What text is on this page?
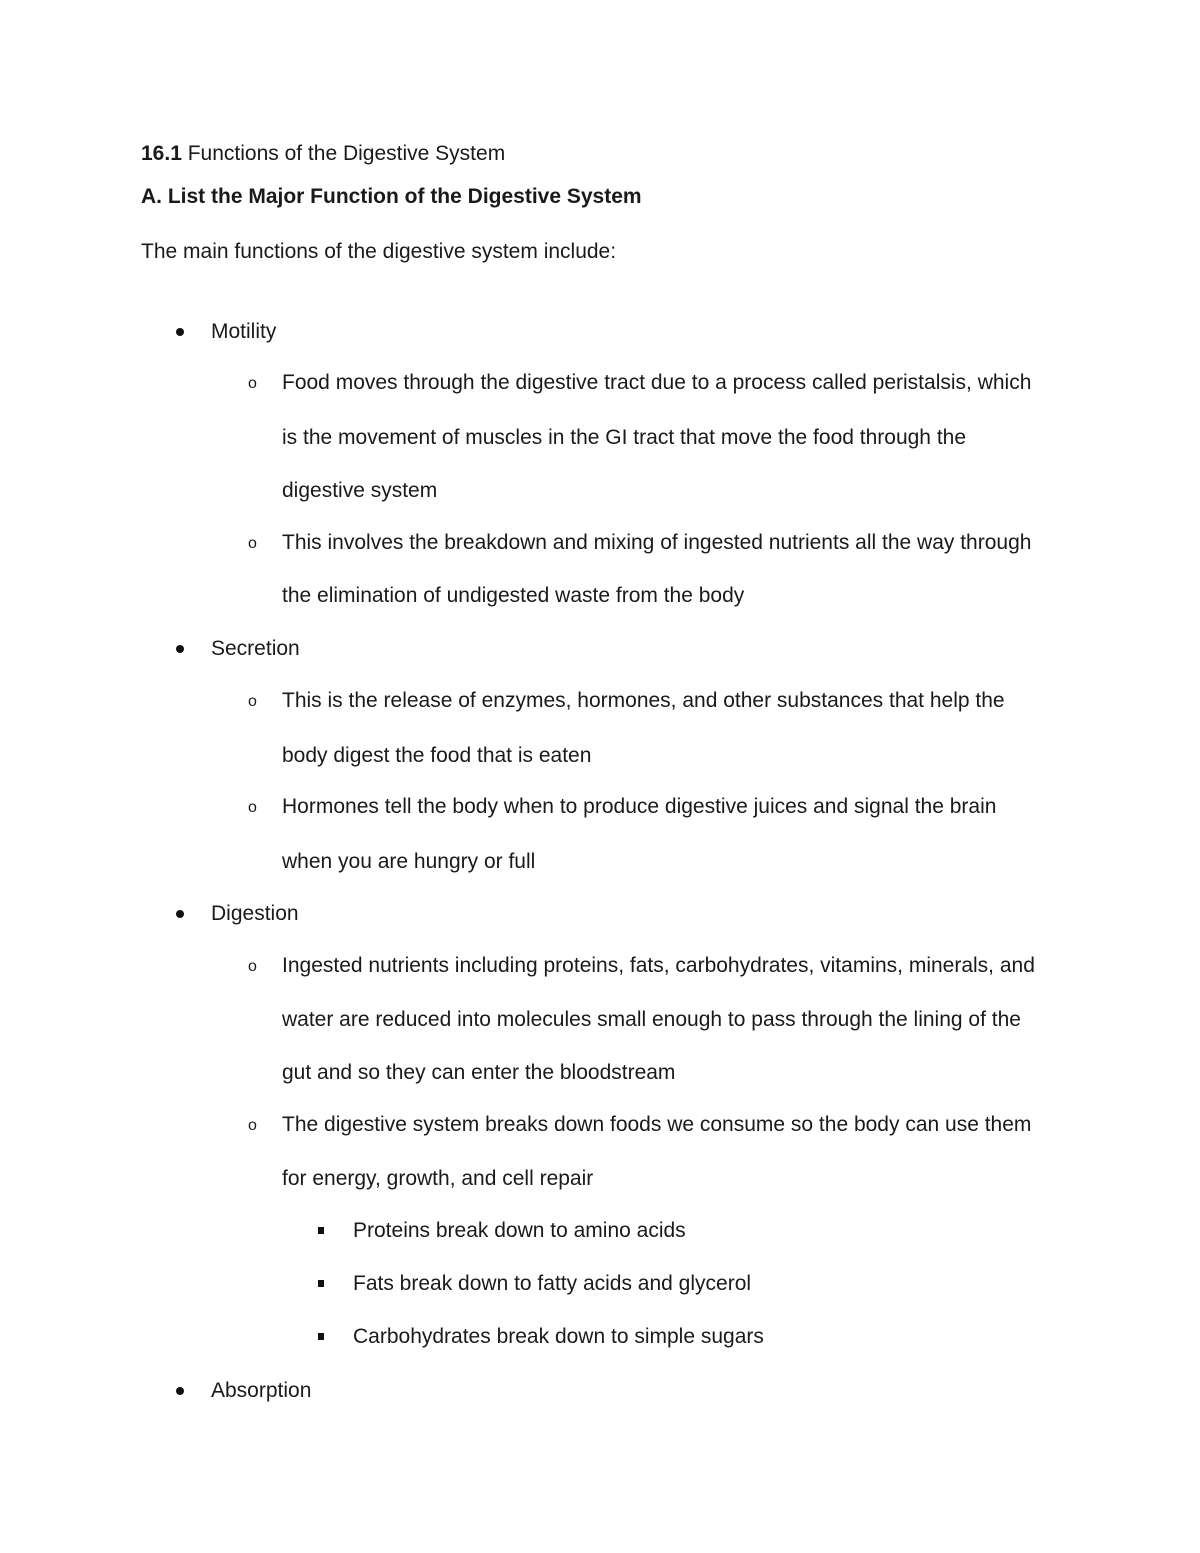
16.1 Functions of the Digestive System
A. List the Major Function of the Digestive System
The main functions of the digestive system include:
Motility
o Food moves through the digestive tract due to a process called peristalsis, which
is the movement of muscles in the GI tract that move the food through the
digestive system
o This involves the breakdown and mixing of ingested nutrients all the way through
the elimination of undigested waste from the body
Secretion
o This is the release of enzymes, hormones, and other substances that help the
body digest the food that is eaten
o Hormones tell the body when to produce digestive juices and signal the brain
when you are hungry or full
Digestion
o Ingested nutrients including proteins, fats, carbohydrates, vitamins, minerals, and
water are reduced into molecules small enough to pass through the lining of the
gut and so they can enter the bloodstream
o The digestive system breaks down foods we consume so the body can use them
for energy, growth, and cell repair
Proteins break down to amino acids
Fats break down to fatty acids and glycerol
Carbohydrates break down to simple sugars
Absorption
